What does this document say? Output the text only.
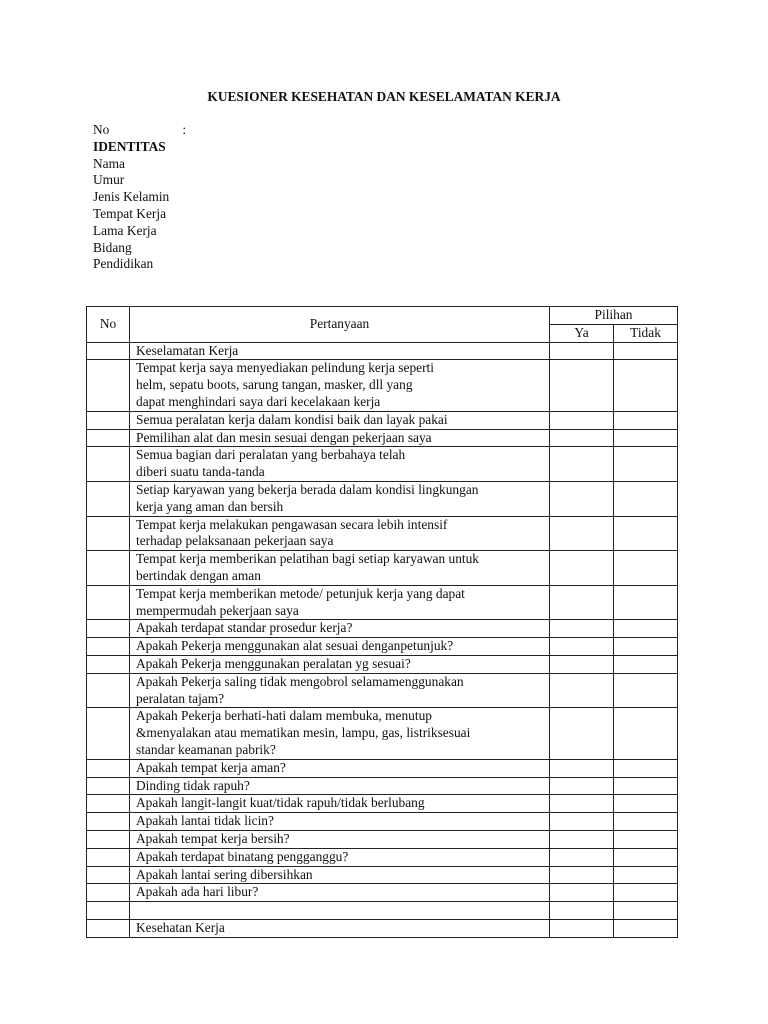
KUESIONER KESEHATAN DAN KESELAMATAN KERJA
No	:
IDENTITAS
Nama
Umur
Jenis Kelamin
Tempat Kerja
Lama Kerja
Bidang
Pendidikan
No	Pertanyaan	Pilihan	
		Ya	Tidak
	Keselamatan Kerja		

	Tempat kerja saya menyediakan pelindung kerja seperti
helm, sepatu boots, sarung tangan, masker, dll yang
dapat menghindari saya dari kecelakaan kerja		

	Semua peralatan kerja dalam kondisi baik dan layak pakai		

	Pemilihan alat dan mesin sesuai dengan pekerjaan saya		

	Semua bagian dari peralatan yang berbahaya telah
diberi suatu tanda-tanda		

	Setiap karyawan yang bekerja berada dalam kondisi lingkungan
kerja yang aman dan bersih		

	Tempat kerja melakukan pengawasan secara lebih intensif
terhadap pelaksanaan pekerjaan saya		

	Tempat kerja memberikan pelatihan bagi setiap karyawan untuk
bertindak dengan aman		

	Tempat kerja memberikan metode/ petunjuk kerja yang dapat
mempermudah pekerjaan saya		

	Apakah terdapat standar prosedur kerja?		

	Apakah Pekerja menggunakan alat sesuai denganpetunjuk?		

	Apakah Pekerja menggunakan peralatan yg sesuai?		

	Apakah Pekerja saling tidak mengobrol selamamenggunakan
peralatan tajam?		

	Apakah Pekerja berhati-hati dalam membuka, menutup
&menyalakan atau mematikan mesin, lampu, gas, listriksesuai
standar keamanan pabrik?		

	Apakah tempat kerja aman?		

	Dinding tidak rapuh?		

	Apakah langit-langit kuat/tidak rapuh/tidak berlubang		

	Apakah lantai tidak licin?		

	Apakah tempat kerja bersih?		

	Apakah terdapat binatang pengganggu?		

	Apakah lantai sering dibersihkan		

	Apakah ada hari libur?		

	Kesehatan Kerja		
